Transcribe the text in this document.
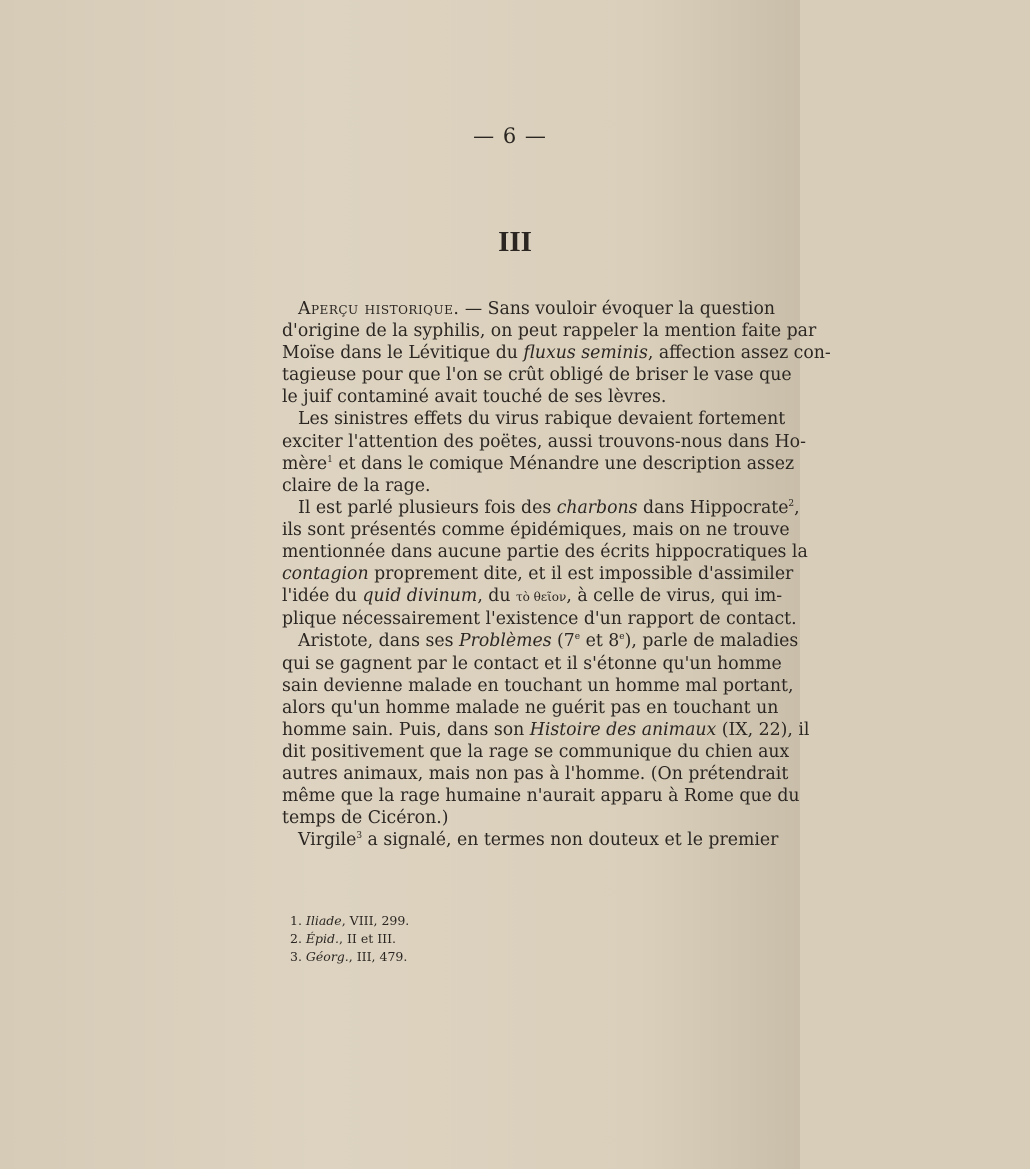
— 6 —
III
Aperçu historique. — Sans vouloir évoquer la question
d'origine de la syphilis, on peut rappeler la mention faite par
Moïse dans le Lévitique du fluxus seminis, affection assez con-
tagieuse pour que l'on se crût obligé de briser le vase que
le juif contaminé avait touché de ses lèvres.
Les sinistres effets du virus rabique devaient fortement
exciter l'attention des poëtes, aussi trouvons-nous dans Ho-
mère$^1$ et dans le comique Ménandre une description assez
claire de la rage.
Il est parlé plusieurs fois des charbons dans Hippocrate$^2$,
ils sont présentés comme épidémiques, mais on ne trouve
mentionnée dans aucune partie des écrits hippocratiques la
contagion proprement dite, et il est impossible d'assimiler
l'idée du quid divinum, du τὸ θεῖον, à celle de virus, qui im-
plique nécessairement l'existence d'un rapport de contact.
Aristote, dans ses Problèmes (7e et 8e), parle de maladies
qui se gagnent par le contact et il s'étonne qu'un homme
sain devienne malade en touchant un homme mal portant,
alors qu'un homme malade ne guérit pas en touchant un
homme sain. Puis, dans son Histoire des animaux (IX, 22), il
dit positivement que la rage se communique du chien aux
autres animaux, mais non pas à l'homme. (On prétendrait
même que la rage humaine n'aurait apparu à Rome que du
temps de Cicéron.)
Virgile$^3$ a signalé, en termes non douteux et le premier
1. Iliade, VIII, 299.
2. Épid., II et III.
3. Géorg., III, 479.
